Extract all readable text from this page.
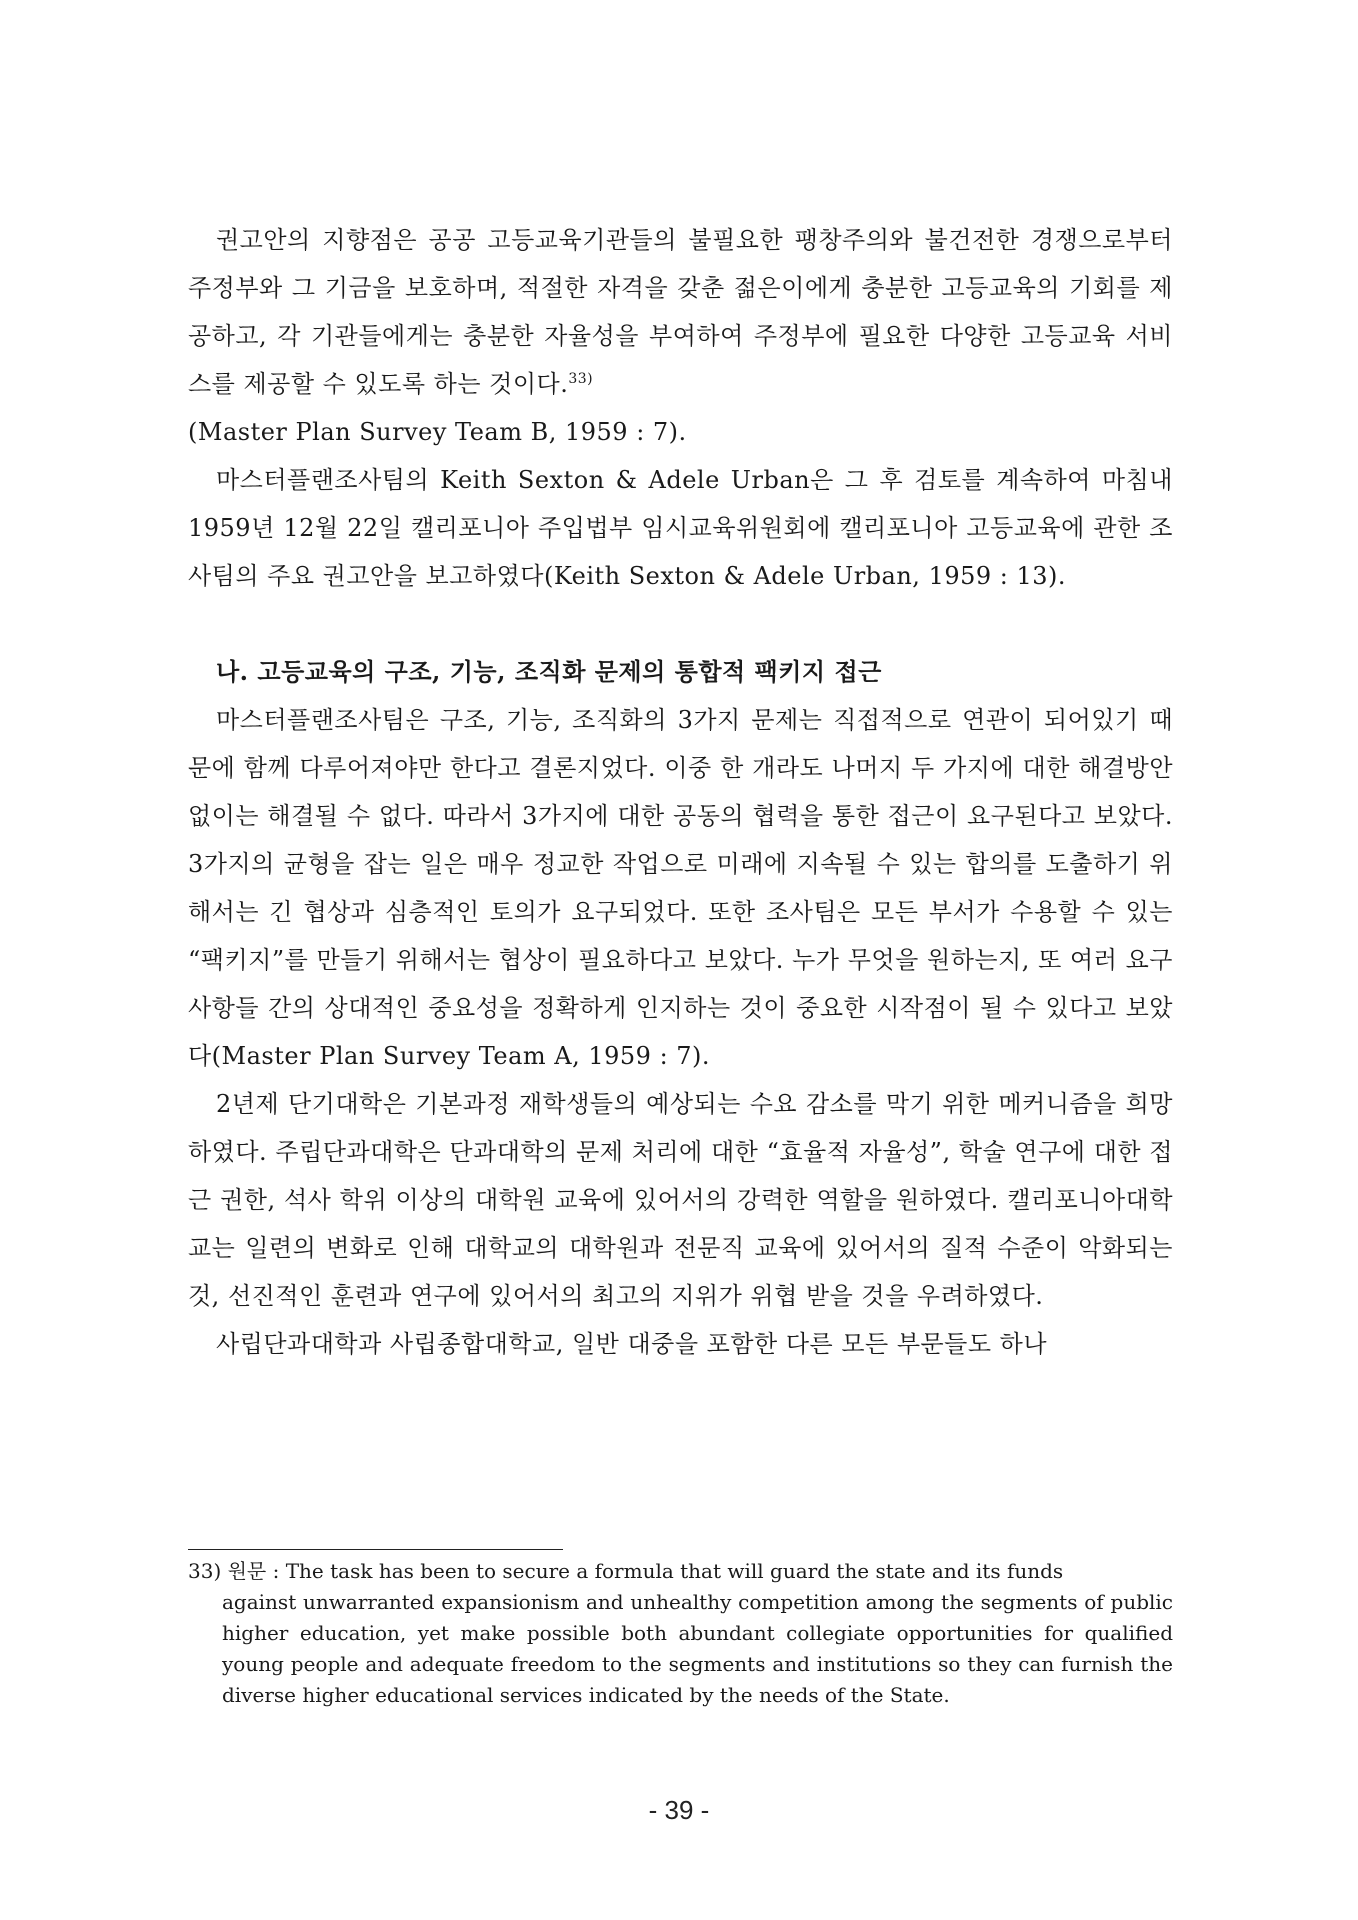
권고안의 지향점은 공공 고등교육기관들의 불필요한 팽창주의와 불건전한 경쟁으로부터 주정부와 그 기금을 보호하며, 적절한 자격을 갖춘 젊은이에게 충분한 고등교육의 기회를 제공하고, 각 기관들에게는 충분한 자율성을 부여하여 주정부에 필요한 다양한 고등교육 서비스를 제공할 수 있도록 하는 것이다.$^{33)}$
(Master Plan Survey Team B, 1959 : 7).

마스터플랜조사팀의 Keith Sexton & Adele Urban은 그 후 검토를 계속하여 마침내 1959년 12월 22일 캘리포니아 주입법부 임시교육위원회에 캘리포니아 고등교육에 관한 조사팀의 주요 권고안을 보고하였다(Keith Sexton & Adele Urban, 1959 : 13).

나. 고등교육의 구조, 기능, 조직화 문제의 통합적 팩키지 접근

마스터플랜조사팀은 구조, 기능, 조직화의 3가지 문제는 직접적으로 연관이 되어있기 때문에 함께 다루어져야만 한다고 결론지었다. 이중 한 개라도 나머지 두 가지에 대한 해결방안 없이는 해결될 수 없다. 따라서 3가지에 대한 공동의 협력을 통한 접근이 요구된다고 보았다. 3가지의 균형을 잡는 일은 매우 정교한 작업으로 미래에 지속될 수 있는 합의를 도출하기 위해서는 긴 협상과 심층적인 토의가 요구되었다. 또한 조사팀은 모든 부서가 수용할 수 있는 “팩키지”를 만들기 위해서는 협상이 필요하다고 보았다. 누가 무엇을 원하는지, 또 여러 요구 사항들 간의 상대적인 중요성을 정확하게 인지하는 것이 중요한 시작점이 될 수 있다고 보았다(Master Plan Survey Team A, 1959 : 7).

2년제 단기대학은 기본과정 재학생들의 예상되는 수요 감소를 막기 위한 메커니즘을 희망하였다. 주립단과대학은 단과대학의 문제 처리에 대한 “효율적 자율성”, 학술 연구에 대한 접근 권한, 석사 학위 이상의 대학원 교육에 있어서의 강력한 역할을 원하였다. 캘리포니아대학교는 일련의 변화로 인해 대학교의 대학원과 전문직 교육에 있어서의 질적 수준이 악화되는 것, 선진적인 훈련과 연구에 있어서의 최고의 지위가 위협 받을 것을 우려하였다.

사립단과대학과 사립종합대학교, 일반 대중을 포함한 다른 모든 부문들도 하나

33) 원문 : The task has been to secure a formula that will guard the state and its funds

against unwarranted expansionism and unhealthy competition among the segments of public higher education, yet make possible both abundant collegiate opportunities for qualified young people and adequate freedom to the segments and institutions so they can furnish the diverse higher educational services indicated by the needs of the State.

- 39 -
